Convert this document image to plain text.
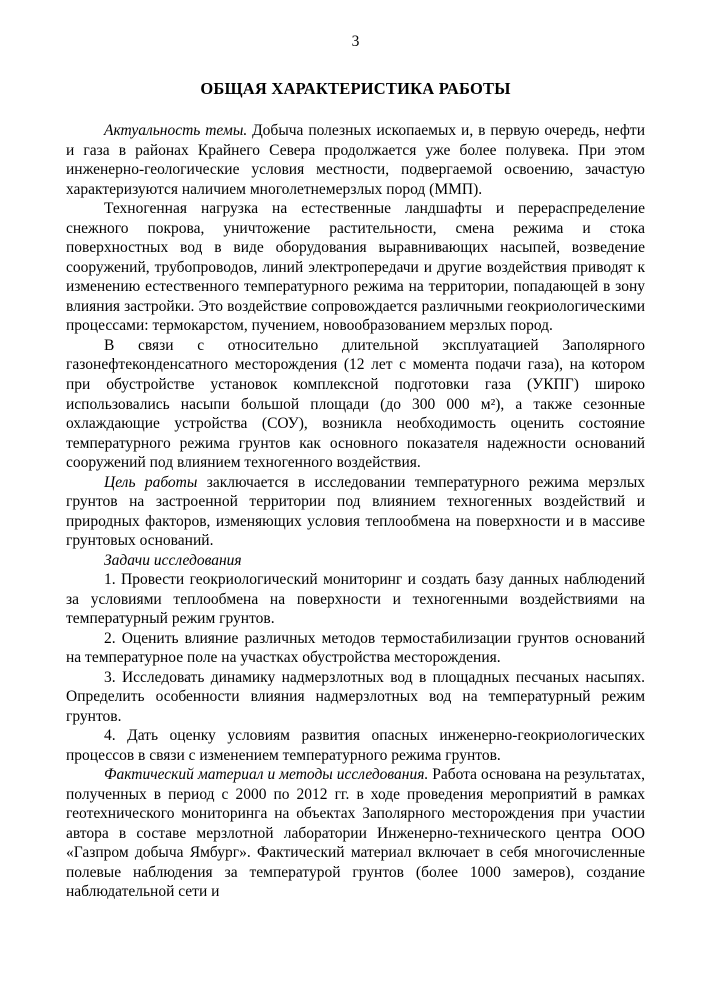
3
ОБЩАЯ ХАРАКТЕРИСТИКА РАБОТЫ

Актуальность темы. Добыча полезных ископаемых и, в первую очередь, нефти и газа в районах Крайнего Севера продолжается уже более полувека. При этом инженерно-геологические условия местности, подвергаемой освоению, зачастую характеризуются наличием многолетнемерзлых пород (ММП).

Техногенная нагрузка на естественные ландшафты и перераспределение снежного покрова, уничтожение растительности, смена режима и стока поверхностных вод в виде оборудования выравнивающих насыпей, возведение сооружений, трубопроводов, линий электропередачи и другие воздействия приводят к изменению естественного температурного режима на территории, попадающей в зону влияния застройки. Это воздействие сопровождается различными геокриологическими процессами: термокарстом, пучением, новообразованием мерзлых пород.

В связи с относительно длительной эксплуатацией Заполярного газонефтеконденсатного месторождения (12 лет с момента подачи газа), на котором при обустройстве установок комплексной подготовки газа (УКПГ) широко использовались насыпи большой площади (до 300 000 м²), а также сезонные охлаждающие устройства (СОУ), возникла необходимость оценить состояние температурного режима грунтов как основного показателя надежности оснований сооружений под влиянием техногенного воздействия.

Цель работы заключается в исследовании температурного режима мерзлых грунтов на застроенной территории под влиянием техногенных воздействий и природных факторов, изменяющих условия теплообмена на поверхности и в массиве грунтовых оснований.

Задачи исследования

1. Провести геокриологический мониторинг и создать базу данных наблюдений за условиями теплообмена на поверхности и техногенными воздействиями на температурный режим грунтов.

2. Оценить влияние различных методов термостабилизации грунтов оснований на температурное поле на участках обустройства месторождения.

3. Исследовать динамику надмерзлотных вод в площадных песчаных насыпях. Определить особенности влияния надмерзлотных вод на температурный режим грунтов.

4. Дать оценку условиям развития опасных инженерно-геокриологических процессов в связи с изменением температурного режима грунтов.

Фактический материал и методы исследования. Работа основана на результатах, полученных в период с 2000 по 2012 гг. в ходе проведения мероприятий в рамках геотехнического мониторинга на объектах Заполярного месторождения при участии автора в составе мерзлотной лаборатории Инженерно-технического центра ООО «Газпром добыча Ямбург». Фактический материал включает в себя многочисленные полевые наблюдения за температурой грунтов (более 1000 замеров), создание наблюдательной сети и
